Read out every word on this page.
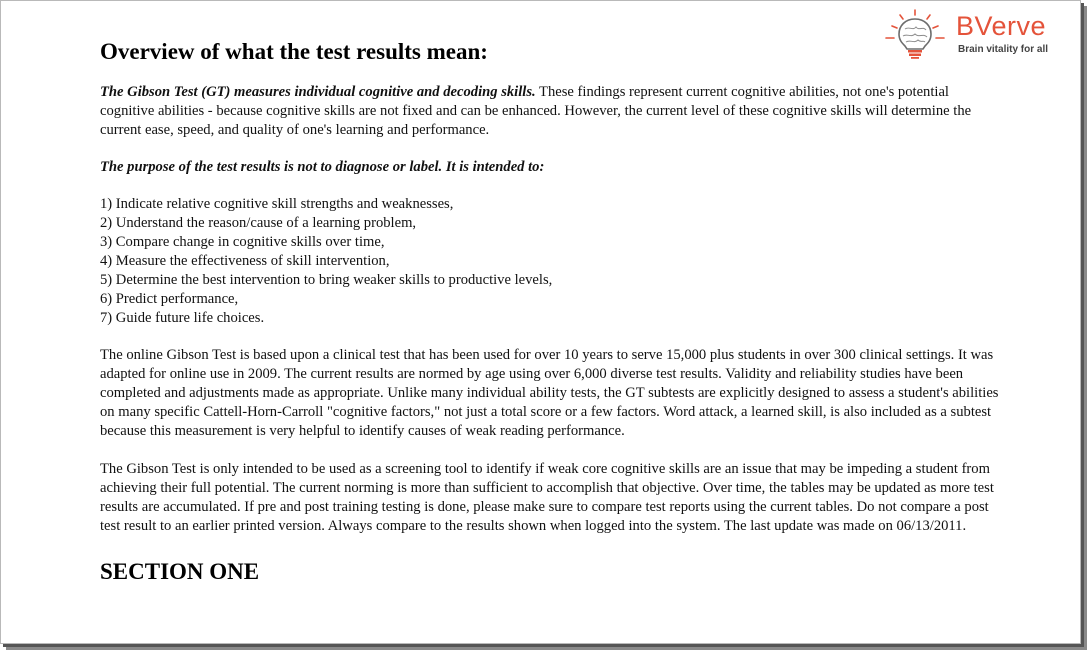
BVerve
Brain vitality for all
Overview of what the test results mean:

The Gibson Test (GT) measures individual cognitive and decoding skills. These findings represent current cognitive abilities, not one's potential cognitive abilities - because cognitive skills are not fixed and can be enhanced. However, the current level of these cognitive skills will determine the current ease, speed, and quality of one's learning and performance.

The purpose of the test results is not to diagnose or label. It is intended to:

1) Indicate relative cognitive skill strengths and weaknesses,
2) Understand the reason/cause of a learning problem,
3) Compare change in cognitive skills over time,
4) Measure the effectiveness of skill intervention,
5) Determine the best intervention to bring weaker skills to productive levels,
6) Predict performance,
7) Guide future life choices.

The online Gibson Test is based upon a clinical test that has been used for over 10 years to serve 15,000 plus students in over 300 clinical settings. It was adapted for online use in 2009. The current results are normed by age using over 6,000 diverse test results. Validity and reliability studies have been completed and adjustments made as appropriate. Unlike many individual ability tests, the GT subtests are explicitly designed to assess a student's abilities on many specific Cattell-Horn-Carroll "cognitive factors," not just a total score or a few factors. Word attack, a learned skill, is also included as a subtest because this measurement is very helpful to identify causes of weak reading performance.

The Gibson Test is only intended to be used as a screening tool to identify if weak core cognitive skills are an issue that may be impeding a student from achieving their full potential. The current norming is more than sufficient to accomplish that objective. Over time, the tables may be updated as more test results are accumulated. If pre and post training testing is done, please make sure to compare test reports using the current tables. Do not compare a post test result to an earlier printed version. Always compare to the results shown when logged into the system. The last update was made on 06/13/2011.

SECTION ONE
